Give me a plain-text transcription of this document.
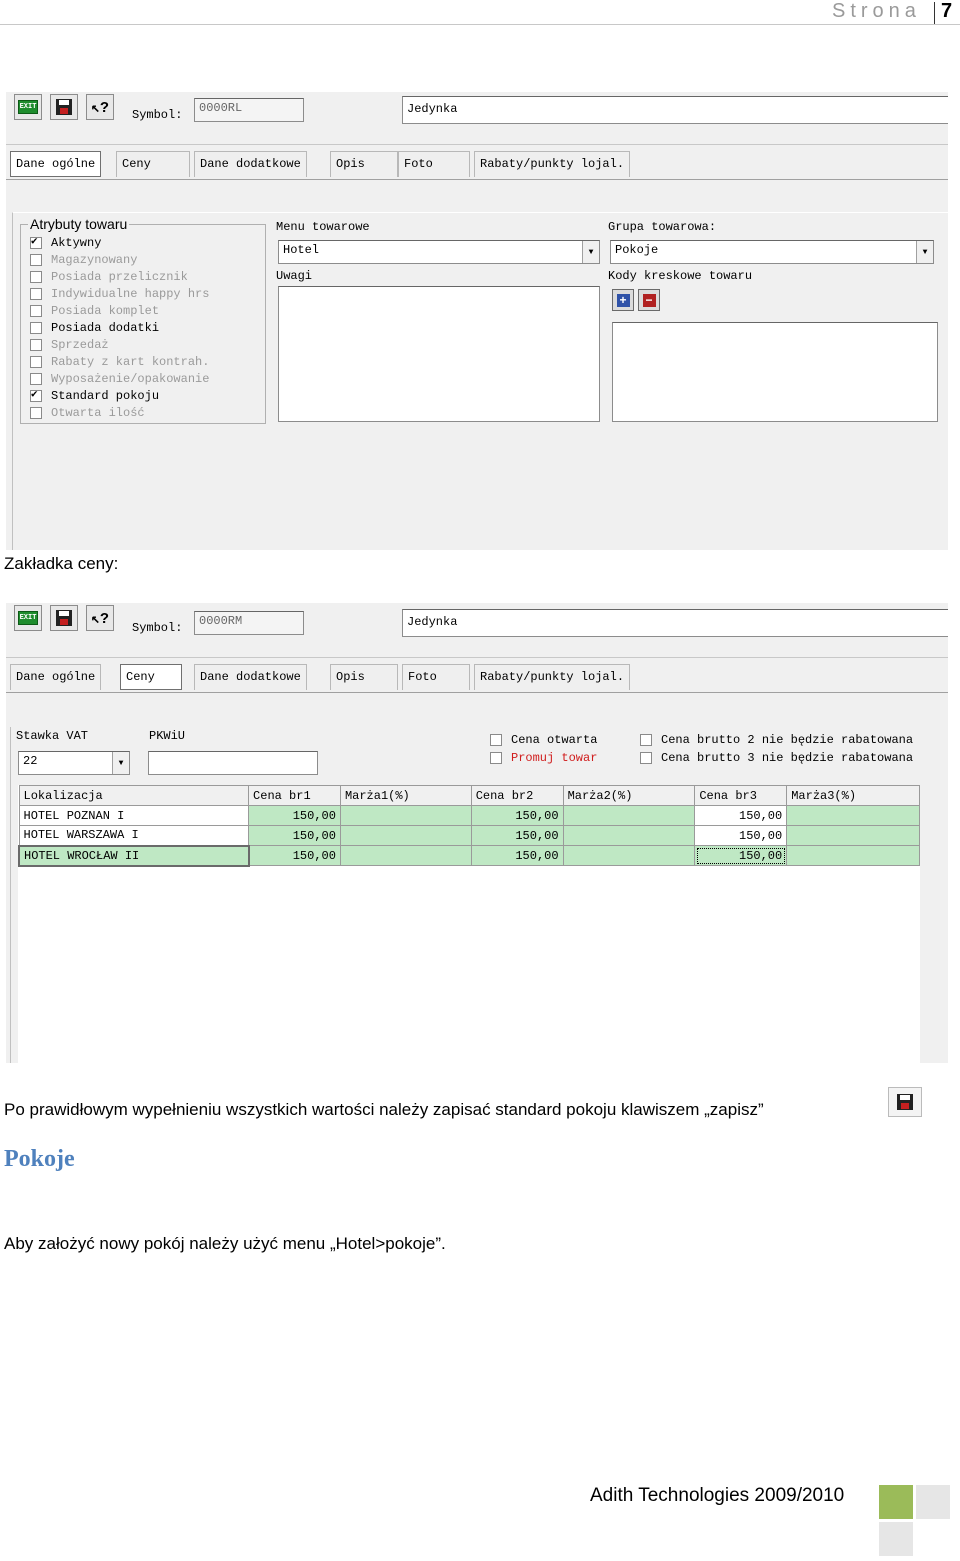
Strona 7
EXIT	↖? Symbol:	0000RL	Jedynka
Dane ogólne	Ceny	Dane dodatkowe	Opis	Foto	Rabaty/punkty lojal.
Atrybuty towaru
✔
Aktywny
Magazynowany
Posiada przelicznik
Indywidualne happy hrs
Posiada komplet
Posiada dodatki
Sprzedaż
Rabaty z kart kontrah.
Wyposażenie/opakowanie
✔
Standard pokoju
Otwarta ilość
Menu towarowe
Hotel	▼
Uwagi
Grupa towarowa:
Pokoje	▼
Kody kreskowe towaru
+ −
Zakładka ceny:
EXIT	↖?
Symbol:	0000RM	Jedynka
Dane ogólne	Ceny	Dane dodatkowe	Opis	Foto	Rabaty/punkty lojal.
Stawka VAT
22	▼
PKWiU	Cena otwarta
Promuj towar
Cena brutto 2 nie będzie rabatowana
Cena brutto 3 nie będzie rabatowana
Lokalizacja	Cena br1	Marża1(%)	Cena br2	Marża2(%)	Cena br3	Marża3(%)
HOTEL POZNAN I	150,00		150,00		150,00	
HOTEL WARSZAWA I	150,00		150,00		150,00	
HOTEL WROCŁAW II	150,00		150,00		150,00	
Po prawidłowym wypełnieniu wszystkich wartości należy zapisać standard pokoju klawiszem „zapisz”
Pokoje
Aby założyć nowy pokój należy użyć menu „Hotel>pokoje”.
Adith Technologies 2009/2010
